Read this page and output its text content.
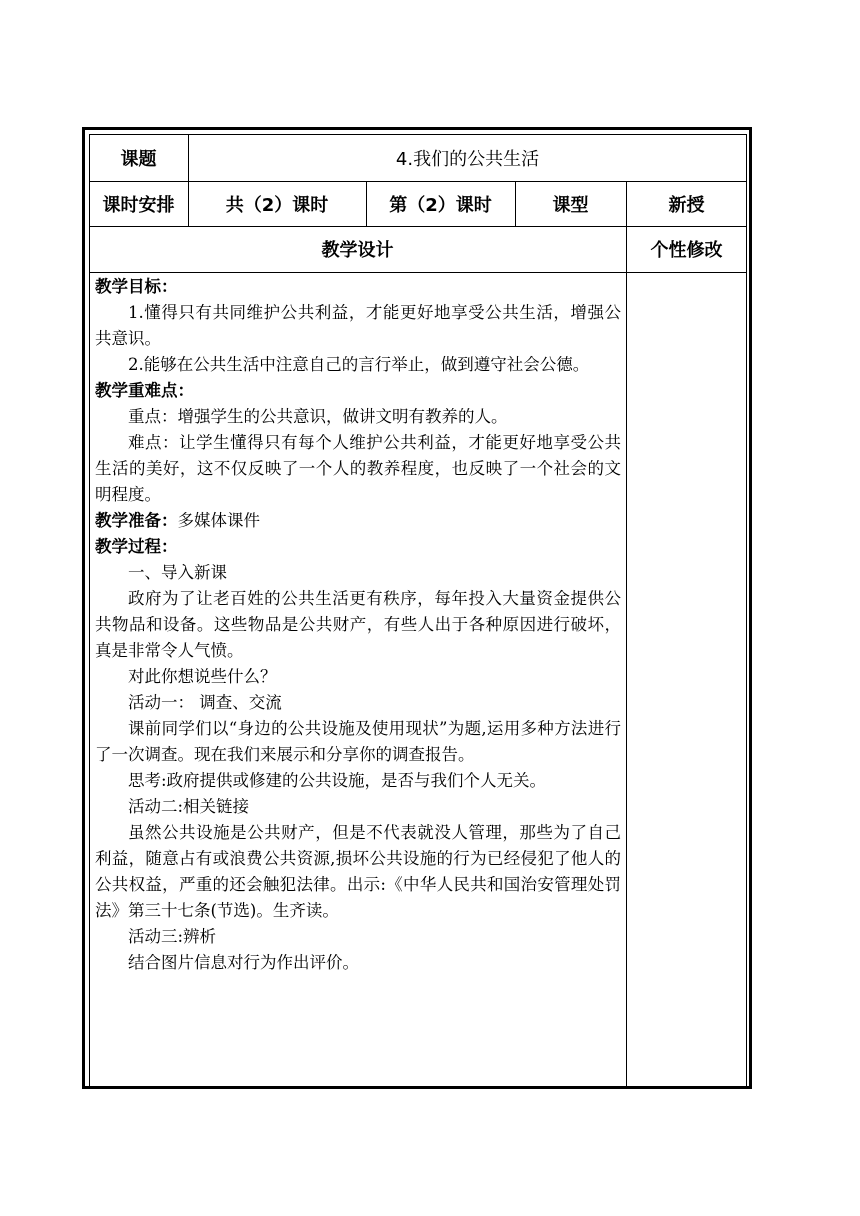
课题	4.我们的公共生活
课时安排	共（2）课时	第（2）课时	课型	新授
教学设计	个性修改

教学目标：

1.懂得只有共同维护公共利益，才能更好地享受公共生活，增强公共意识。

2.能够在公共生活中注意自己的言行举止，做到遵守社会公德。

教学重难点：

重点：增强学生的公共意识，做讲文明有教养的人。

难点：让学生懂得只有每个人维护公共利益，才能更好地享受公共生活的美好，这不仅反映了一个人的教养程度，也反映了一个社会的文明程度。

教学准备：多媒体课件

教学过程：

一、导入新课

政府为了让老百姓的公共生活更有秩序，每年投入大量资金提供公共物品和设备。这些物品是公共财产，有些人出于各种原因进行破坏，真是非常令人气愤。

对此你想说些什么？

活动一： 调查、交流

课前同学们以“身边的公共设施及使用现状”为题,运用多种方法进行了一次调查。现在我们来展示和分享你的调查报告。

思考:政府提供或修建的公共设施，是否与我们个人无关。

活动二:相关链接

虽然公共设施是公共财产，但是不代表就没人管理，那些为了自己利益，随意占有或浪费公共资源,损坏公共设施的行为已经侵犯了他人的公共权益，严重的还会触犯法律。出示:《中华人民共和国治安管理处罚法》第三十七条(节选)。生齐读。

活动三:辨析

结合图片信息对行为作出评价。
